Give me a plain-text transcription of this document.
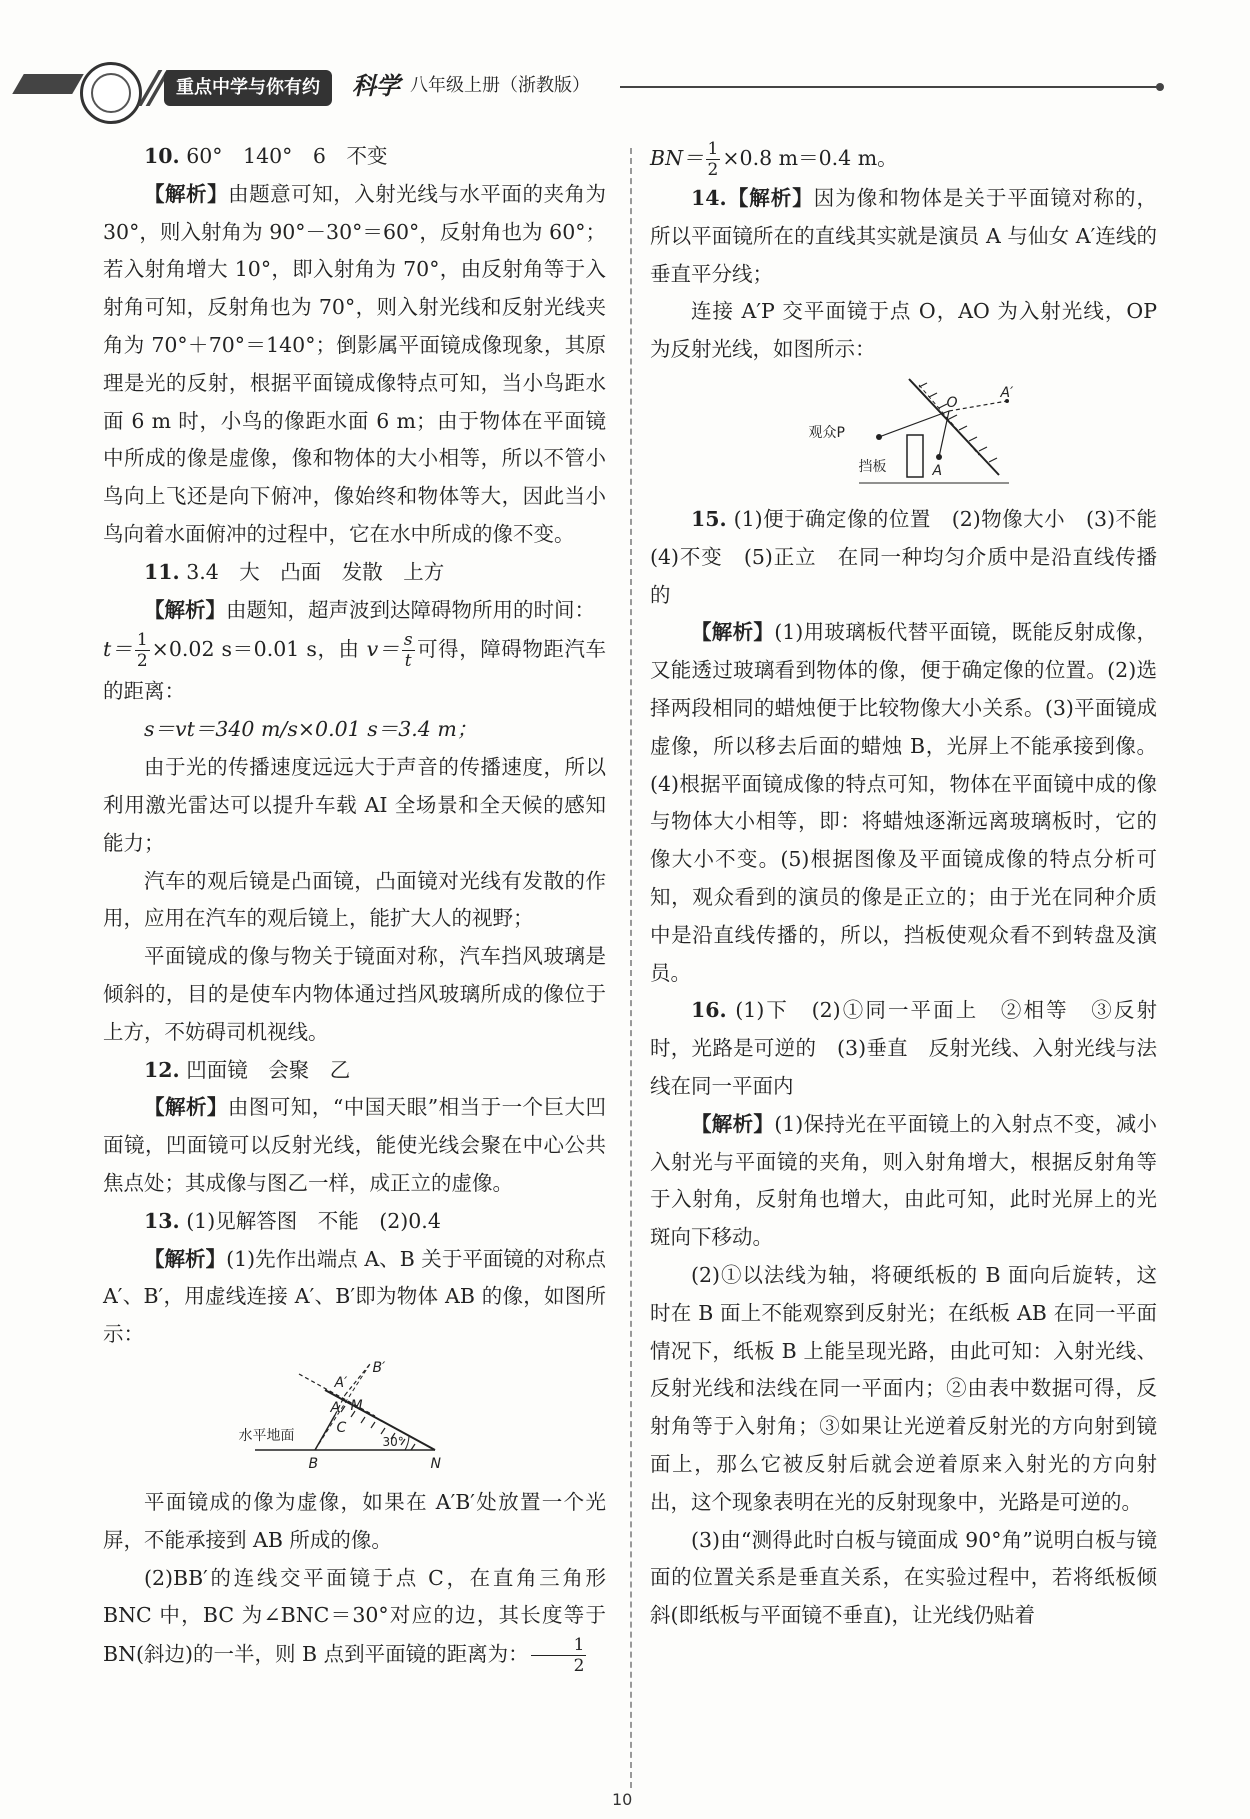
重点中学与你有约	科学 八年级上册（浙教版）

10. 60°　140°　6　不变

【解析】由题意可知，入射光线与水平面的夹角为 30°，则入射角为 90°－30°＝60°，反射角也为 60°；若入射角增大 10°，即入射角为 70°，由反射角等于入射角可知，反射角也为 70°，则入射光线和反射光线夹角为 70°＋70°＝140°；倒影属平面镜成像现象，其原理是光的反射，根据平面镜成像特点可知，当小鸟距水面 6 m 时，小鸟的像距水面 6 m；由于物体在平面镜中所成的像是虚像，像和物体的大小相等，所以不管小鸟向上飞还是向下俯冲，像始终和物体等大，因此当小鸟向着水面俯冲的过程中，它在水中所成的像不变。

11. 3.4　大　凸面　发散　上方

【解析】由题知，超声波到达障碍物所用的时间：

$t= \frac{1}{2} \times 0.02$ s＝0.01 s，由 $v= \frac{s}{t}$ 可得，障碍物距汽车的距离：

s＝vt＝340 m/s×0.01 s＝3.4 m；

由于光的传播速度远远大于声音的传播速度，所以利用激光雷达可以提升车载 AI 全场景和全天候的感知能力；

汽车的观后镜是凸面镜，凸面镜对光线有发散的作用，应用在汽车的观后镜上，能扩大人的视野；

平面镜成的像与物关于镜面对称，汽车挡风玻璃是倾斜的，目的是使车内物体通过挡风玻璃所成的像位于上方，不妨碍司机视线。

12. 凹面镜　会聚　乙

【解析】由图可知，“中国天眼”相当于一个巨大凹面镜，凹面镜可以反射光线，能使光线会聚在中心公共焦点处；其成像与图乙一样，成正立的虚像。

13. (1)见解答图　不能　(2)0.4

【解析】(1)先作出端点 A、B 关于平面镜的对称点 A′、B′，用虚线连接 A′、B′即为物体 AB 的像，如图所示：

A
A′
B′
M
C
B	N
30°
水平地面

平面镜成的像为虚像，如果在 A′B′处放置一个光屏，不能承接到 AB 所成的像。

(2)BB′的连线交平面镜于点 C，在直角三角形 BNC 中，BC 为∠BNC＝30°对应的边，其长度等于 BN(斜边)的一半，则 B 点到平面镜的距离为： $\frac{1}{2}$

$BN= \frac{1}{2} \times 0.8$ m＝0.4 m。

14.【解析】因为像和物体是关于平面镜对称的，所以平面镜所在的直线其实就是演员 A 与仙女 A′连线的垂直平分线；

连接 A′P 交平面镜于点 O，AO 为入射光线，OP 为反射光线，如图所示：

观众P
挡板
O
A′
A

15. (1)便于确定像的位置　(2)物像大小　(3)不能　(4)不变　(5)正立　在同一种均匀介质中是沿直线传播的

【解析】(1)用玻璃板代替平面镜，既能反射成像，又能透过玻璃看到物体的像，便于确定像的位置。(2)选择两段相同的蜡烛便于比较物像大小关系。(3)平面镜成虚像，所以移去后面的蜡烛 B，光屏上不能承接到像。(4)根据平面镜成像的特点可知，物体在平面镜中成的像与物体大小相等，即：将蜡烛逐渐远离玻璃板时，它的像大小不变。(5)根据图像及平面镜成像的特点分析可知，观众看到的演员的像是正立的；由于光在同种介质中是沿直线传播的，所以，挡板使观众看不到转盘及演员。

16. (1)下　(2)①同一平面上　②相等　③反射时，光路是可逆的　(3)垂直　反射光线、入射光线与法线在同一平面内

【解析】(1)保持光在平面镜上的入射点不变，减小入射光与平面镜的夹角，则入射角增大，根据反射角等于入射角，反射角也增大，由此可知，此时光屏上的光斑向下移动。

(2)①以法线为轴，将硬纸板的 B 面向后旋转，这时在 B 面上不能观察到反射光；在纸板 AB 在同一平面情况下，纸板 B 上能呈现光路，由此可知：入射光线、反射光线和法线在同一平面内；②由表中数据可得，反射角等于入射角；③如果让光逆着反射光的方向射到镜面上，那么它被反射后就会逆着原来入射光的方向射出，这个现象表明在光的反射现象中，光路是可逆的。

(3)由“测得此时白板与镜面成 90°角”说明白板与镜面的位置关系是垂直关系，在实验过程中，若将纸板倾斜(即纸板与平面镜不垂直)，让光线仍贴着

10
